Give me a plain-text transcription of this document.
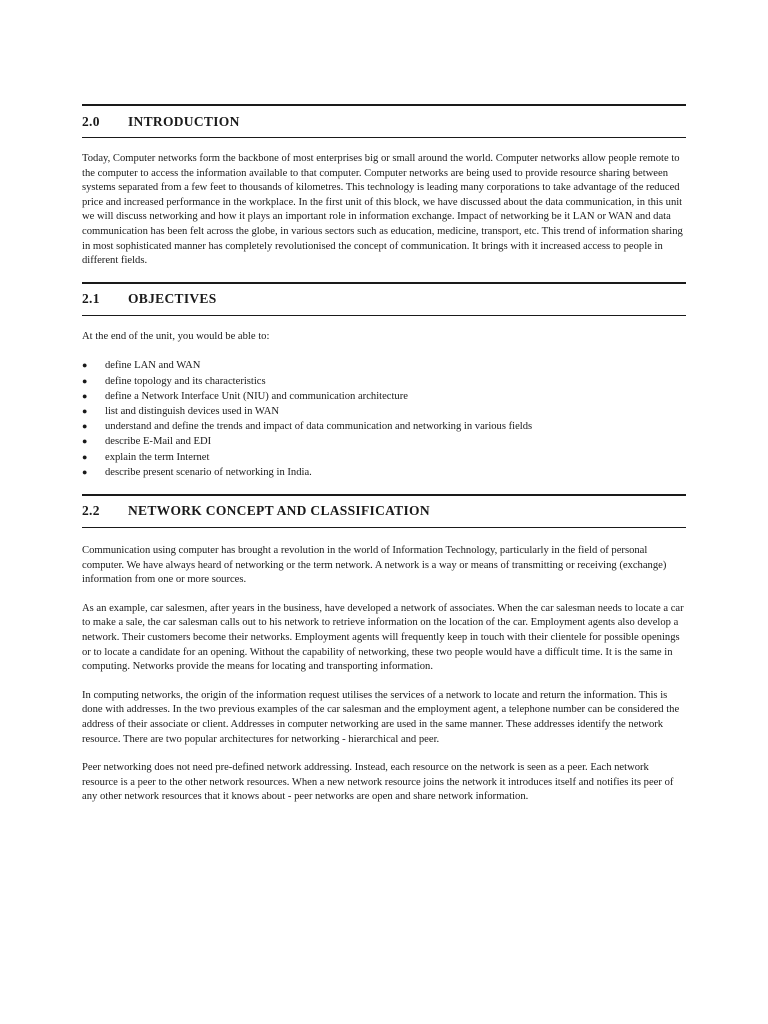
2.0	INTRODUCTION

Today, Computer networks form the backbone of most enterprises big or small around the world. Computer networks allow people remote to the computer to access the information available to that computer. Computer networks are being used to provide resource sharing between systems separated from a few feet to thousands of kilometres. This technology is leading many corporations to take advantage of the reduced price and increased performance in the workplace. In the first unit of this block, we have discussed about the data communication, in this unit we will discuss networking and how it plays an important role in information exchange. Impact of networking be it LAN or WAN and data communication has been felt across the globe, in various sectors such as education, medicine, transport, etc. This trend of information sharing in most sophisticated manner has completely revolutionised the concept of communication. It brings with it increased access to people in different fields.

2.1	OBJECTIVES

At the end of the unit, you would be able to:

●	define LAN and WAN
●	define topology and its characteristics
●	define a Network Interface Unit (NIU) and communication architecture
●	list and distinguish devices used in WAN
●	understand and define the trends and impact of data communication and networking in various fields
●	describe E-Mail and EDI
●	explain the term Internet
●	describe present scenario of networking in India.
2.2	NETWORK CONCEPT AND CLASSIFICATION

Communication using computer has brought a revolution in the world of Information Technology, particularly in the field of personal computer. We have always heard of networking or the term network. A network is a way or means of transmitting or receiving (exchange) information from one or more sources.

As an example, car salesmen, after years in the business, have developed a network of associates. When the car salesman needs to locate a car to make a sale, the car salesman calls out to his network to retrieve information on the location of the car. Employment agents also develop a network. Their customers become their networks. Employment agents will frequently keep in touch with their clientele for possible openings or to locate a candidate for an opening. Without the capability of networking, these two people would have a difficult time. It is the same in computing. Networks provide the means for locating and transporting information.

In computing networks, the origin of the information request utilises the services of a network to locate and return the information. This is done with addresses. In the two previous examples of the car salesman and the employment agent, a telephone number can be considered the address of their associate or client. Addresses in computer networking are used in the same manner. These addresses identify the network resource. There are two popular architectures for networking - hierarchical and peer.

Peer networking does not need pre-defined network addressing. Instead, each resource on the network is seen as a peer. Each network resource is a peer to the other network resources. When a new network resource joins the network it introduces itself and notifies its peer of any other network resources that it knows about - peer networks are open and share network information.
